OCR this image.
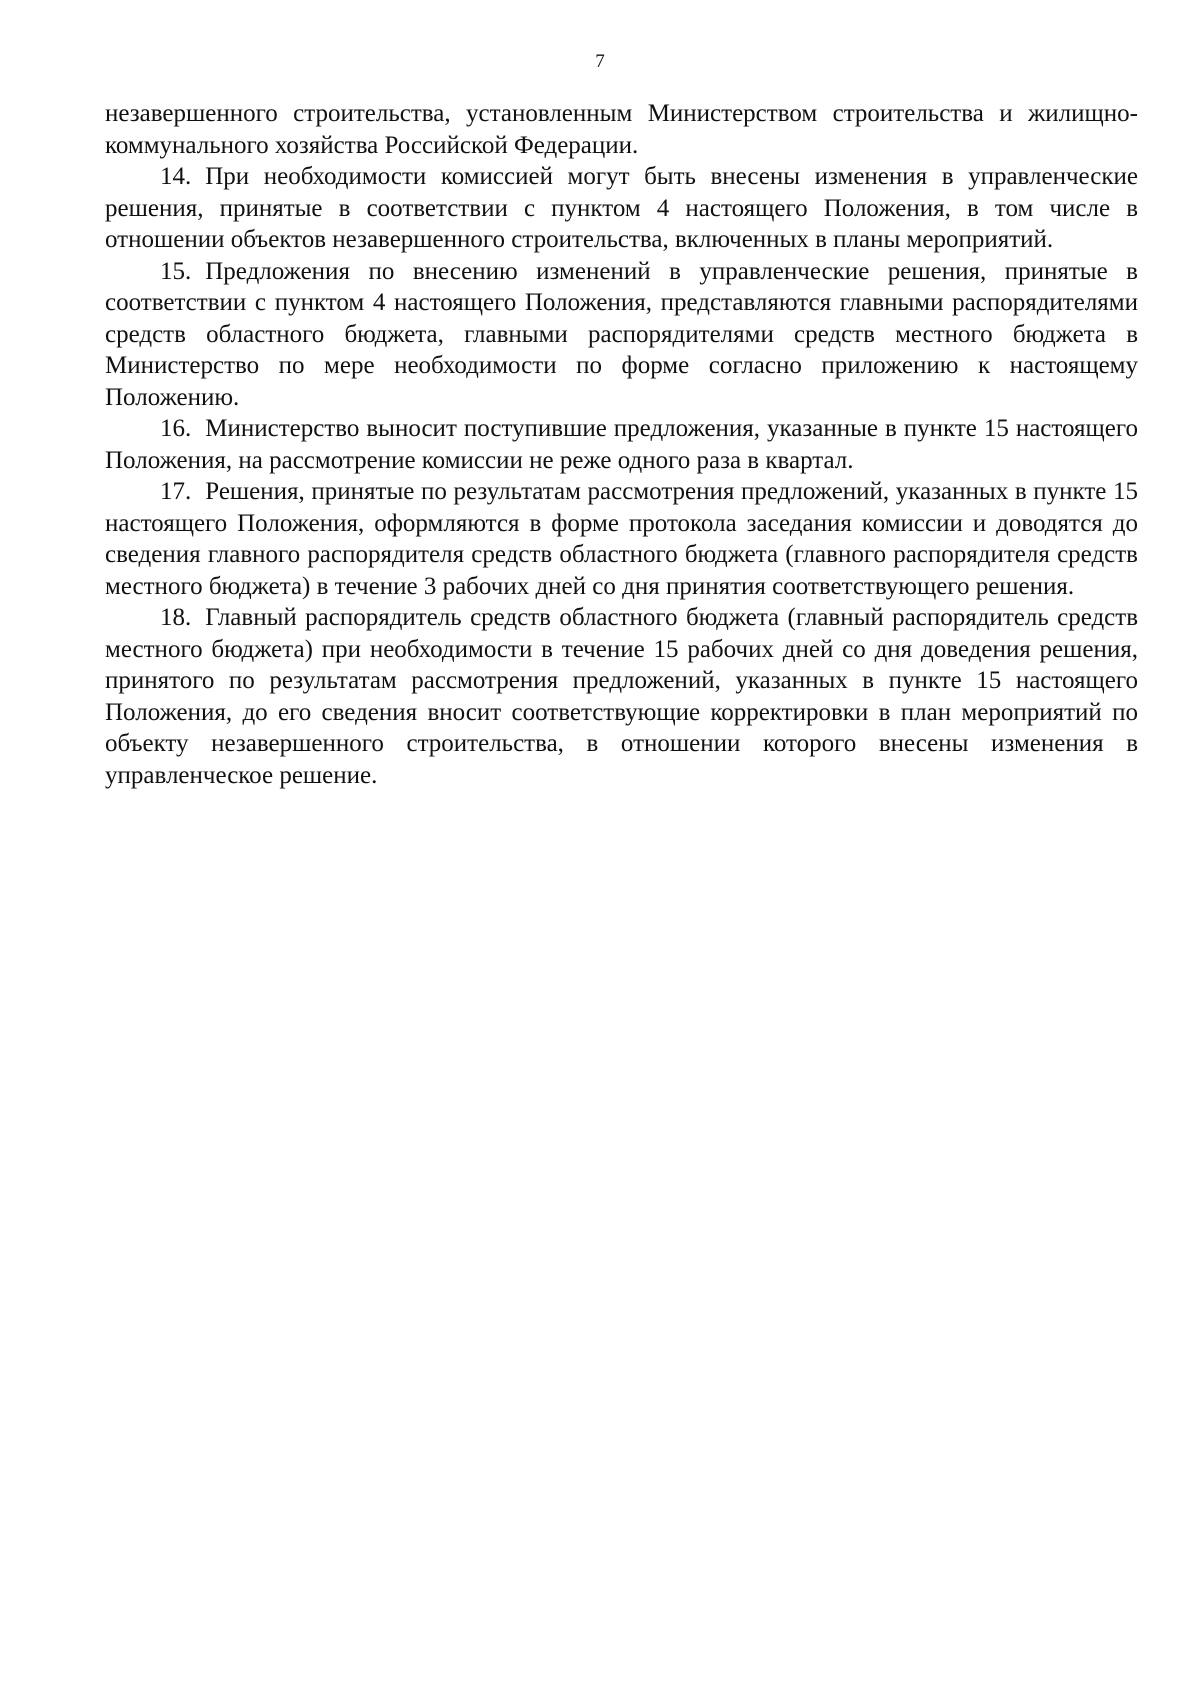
7

незавершенного строительства, установленным Министерством строительства и жилищно-коммунального хозяйства Российской Федерации.

14. При необходимости комиссией могут быть внесены изменения в управленческие решения, принятые в соответствии с пунктом 4 настоящего Положения, в том числе в отношении объектов незавершенного строительства, включенных в планы мероприятий.

15. Предложения по внесению изменений в управленческие решения, принятые в соответствии с пунктом 4 настоящего Положения, представляются главными распорядителями средств областного бюджета, главными распорядителями средств местного бюджета в Министерство по мере необходимости по форме согласно приложению к настоящему Положению.

16. Министерство выносит поступившие предложения, указанные в пункте 15 настоящего Положения, на рассмотрение комиссии не реже одного раза в квартал.

17. Решения, принятые по результатам рассмотрения предложений, указанных в пункте 15 настоящего Положения, оформляются в форме протокола заседания комиссии и доводятся до сведения главного распорядителя средств областного бюджета (главного распорядителя средств местного бюджета) в течение 3 рабочих дней со дня принятия соответствующего решения.

18. Главный распорядитель средств областного бюджета (главный распорядитель средств местного бюджета) при необходимости в течение 15 рабочих дней со дня доведения решения, принятого по результатам рассмотрения предложений, указанных в пункте 15 настоящего Положения, до его сведения вносит соответствующие корректировки в план мероприятий по объекту незавершенного строительства, в отношении которого внесены изменения в управленческое решение.
